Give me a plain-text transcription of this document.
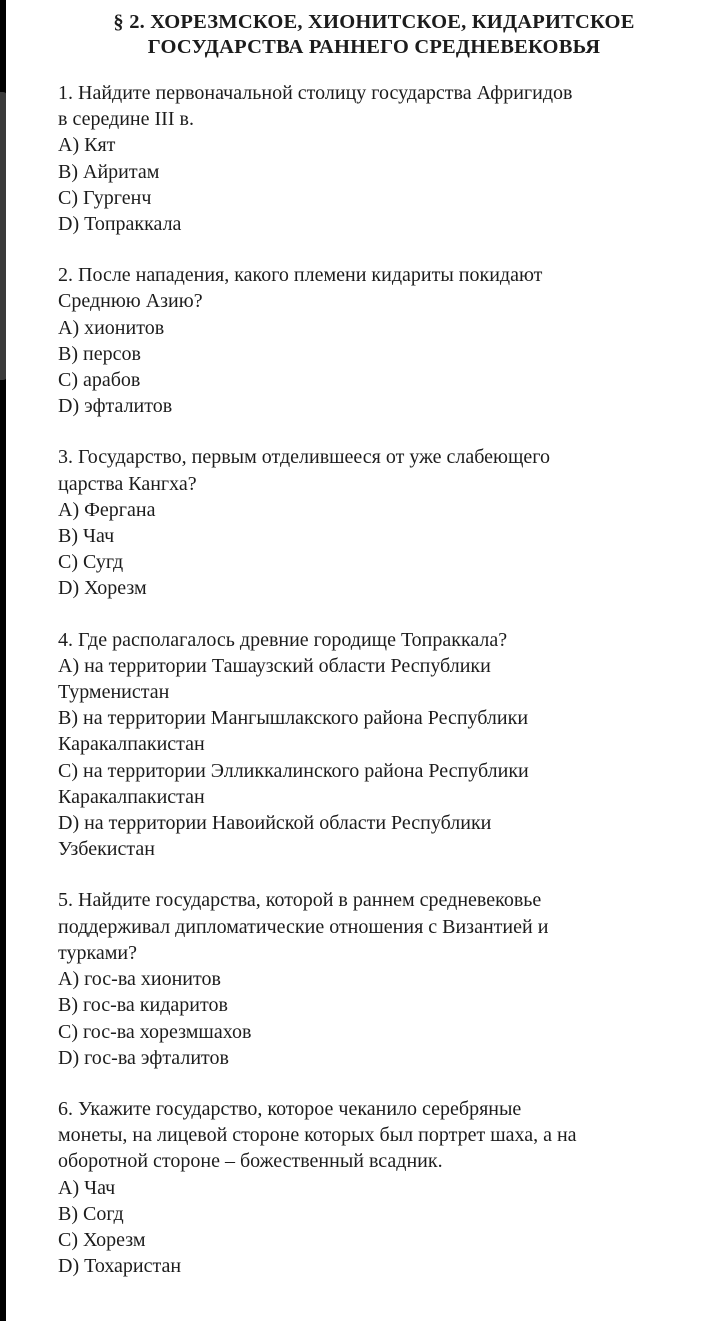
§ 2. ХОРЕЗМСКОЕ, ХИОНИТСКОЕ, КИДАРИТСКОЕ
ГОСУДАРСТВА РАННЕГО СРЕДНЕВЕКОВЬЯ
1. Найдите первоначальной столицу государства Афригидов
в середине III в.
A) Кят
B) Айритам
C) Гургенч
D) Топраккала
2. После нападения, какого племени кидариты покидают
Среднюю Азию?
A) хионитов
B) персов
C) арабов
D) эфталитов
3. Государство, первым отделившееся от уже слабеющего
царства Кангха?
A) Фергана
B) Чач
C) Сугд
D) Хорезм
4. Где располагалось древние городище Топраккала?
A) на территории Ташаузский области Республики
Турменистан
B) на территории Мангышлакского района Республики
Каракалпакистан
C) на территории Элликкалинского района Республики
Каракалпакистан
D) на территории Навоийской области Республики
Узбекистан
5. Найдите государства, которой в раннем средневековье
поддерживал дипломатические отношения с Византией и
турками?
A) гос-ва хионитов
B) гос-ва кидаритов
C) гос-ва хорезмшахов
D) гос-ва эфталитов
6. Укажите государство, которое чеканило серебряные
монеты, на лицевой стороне которых был портрет шаха, а на
оборотной стороне – божественный всадник.
A) Чач
B) Согд
C) Хорезм
D) Тохаристан
